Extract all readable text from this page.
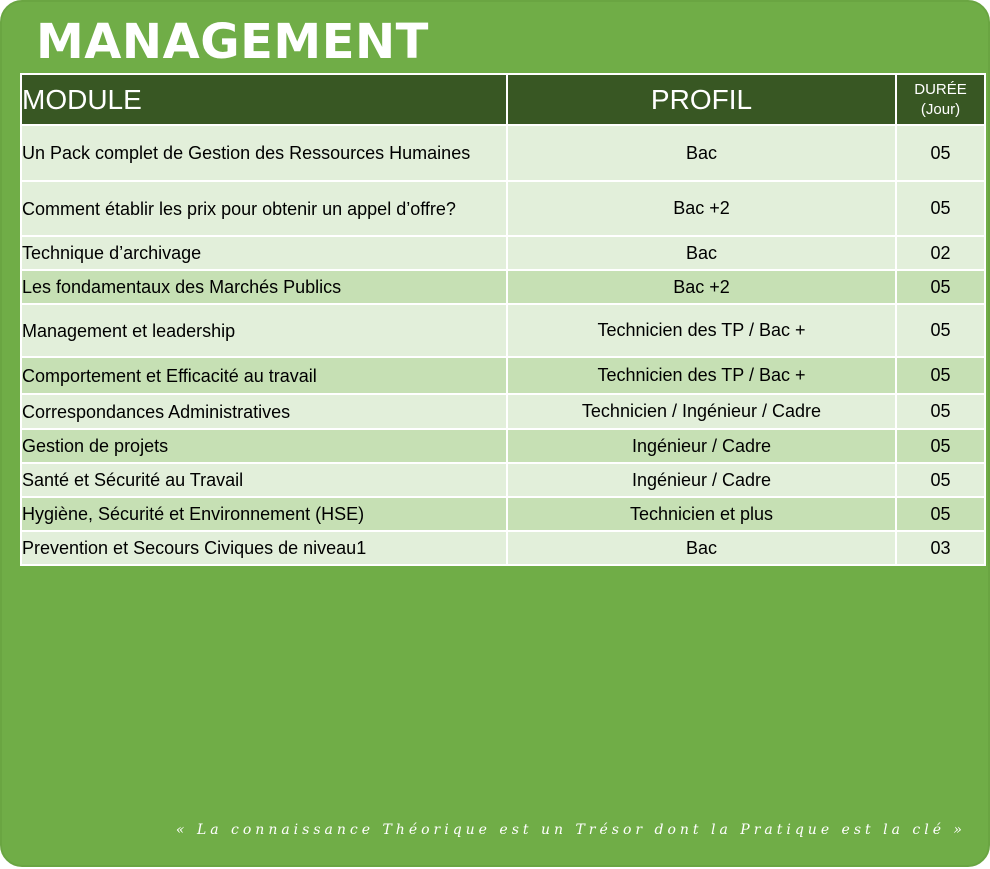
MANAGEMENT
MODULE	PROFIL	DURÉE
(Jour)

Un Pack complet de Gestion des Ressources Humaines	Bac	05
Comment établir les prix pour obtenir un appel d’offre?	Bac +2	05
Technique d’archivage	Bac	02
Les fondamentaux des Marchés Publics	Bac +2	05
Management et leadership	Technicien des TP / Bac +	05
Comportement et Efficacité au travail	Technicien des TP / Bac +	05
Correspondances Administratives	Technicien / Ingénieur / Cadre	05
Gestion de projets	Ingénieur / Cadre	05
Santé et Sécurité au Travail	Ingénieur / Cadre	05
Hygiène, Sécurité et Environnement (HSE)	Technicien et plus	05
Prevention et Secours Civiques de niveau1	Bac	03
« La connaissance Théorique est un Trésor dont la Pratique est la clé »
